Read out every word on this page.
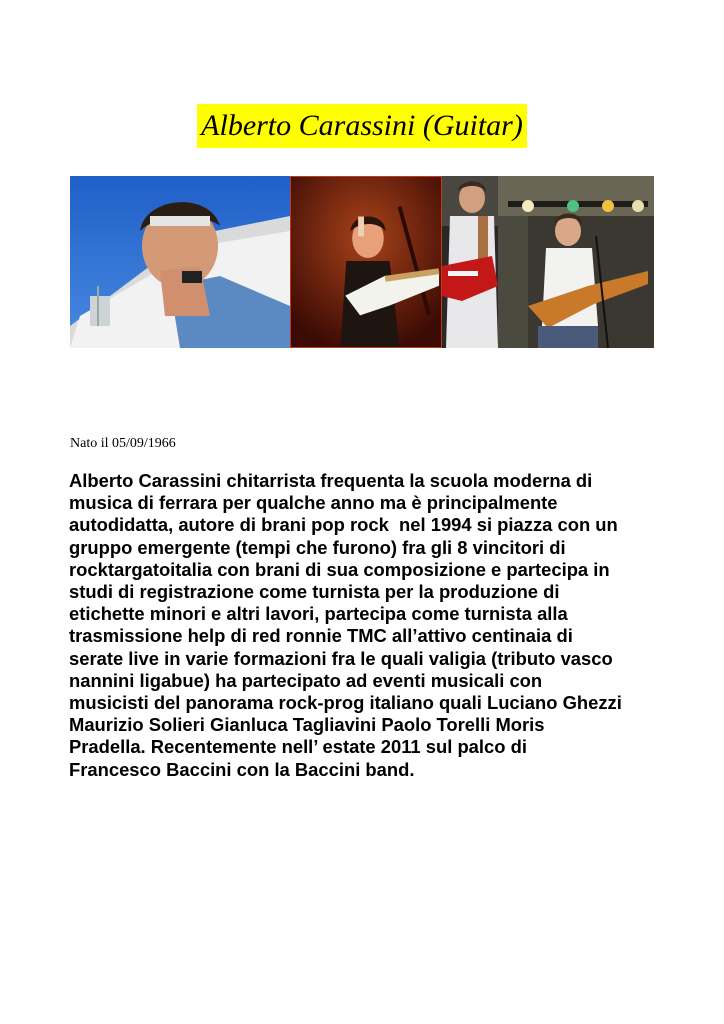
Alberto Carassini (Guitar)
Nato il 05/09/1966

Alberto Carassini chitarrista frequenta la scuola moderna di
musica di ferrara per qualche anno ma è principalmente
autodidatta, autore di brani pop rock  nel 1994 si piazza con un
gruppo emergente (tempi che furono) fra gli 8 vincitori di
rocktargatoitalia con brani di sua composizione e partecipa in
studi di registrazione come turnista per la produzione di
etichette minori e altri lavori, partecipa come turnista alla
trasmissione help di red ronnie TMC all’attivo centinaia di
serate live in varie formazioni fra le quali valigia (tributo vasco
nannini ligabue) ha partecipato ad eventi musicali con
musicisti del panorama rock-prog italiano quali Luciano Ghezzi
Maurizio Solieri Gianluca Tagliavini Paolo Torelli Moris
Pradella. Recentemente nell’ estate 2011 sul palco di
Francesco Baccini con la Baccini band.
